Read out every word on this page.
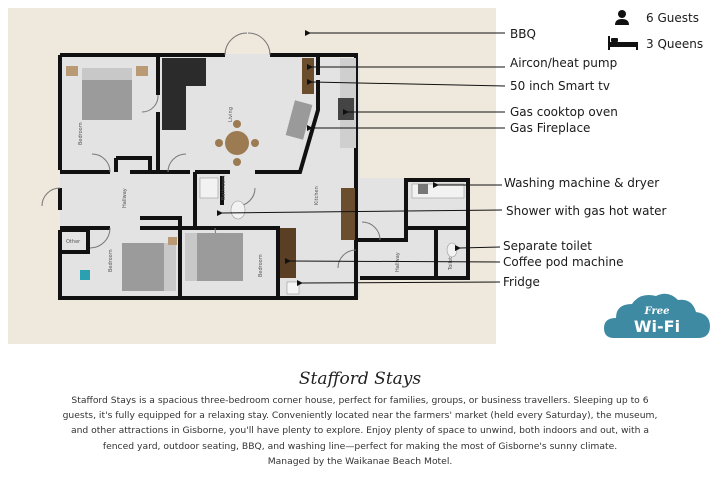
Bedroom
Living
Hallway	Bathroom	Kitchen
Other
Bedroom	Bedroom	Hallway	Toilet
6 Guests
3 Queens
BBQ
Aircon/heat pump
50 inch Smart tv
Gas cooktop oven
Gas Fireplace
Washing machine & dryer
Shower with gas hot water
Separate toilet
Coffee pod machine
Fridge
Free
Wi-Fi
Stafford Stays
Stafford Stays is a spacious three-bedroom corner house, perfect for families, groups, or business travellers. Sleeping up to 6
guests, it's fully equipped for a relaxing stay. Conveniently located near the farmers' market (held every Saturday), the museum,
and other attractions in Gisborne, you'll have plenty to explore. Enjoy plenty of space to unwind, both indoors and out, with a
fenced yard, outdoor seating, BBQ, and washing line—perfect for making the most of Gisborne's sunny climate.
Managed by the Waikanae Beach Motel.
